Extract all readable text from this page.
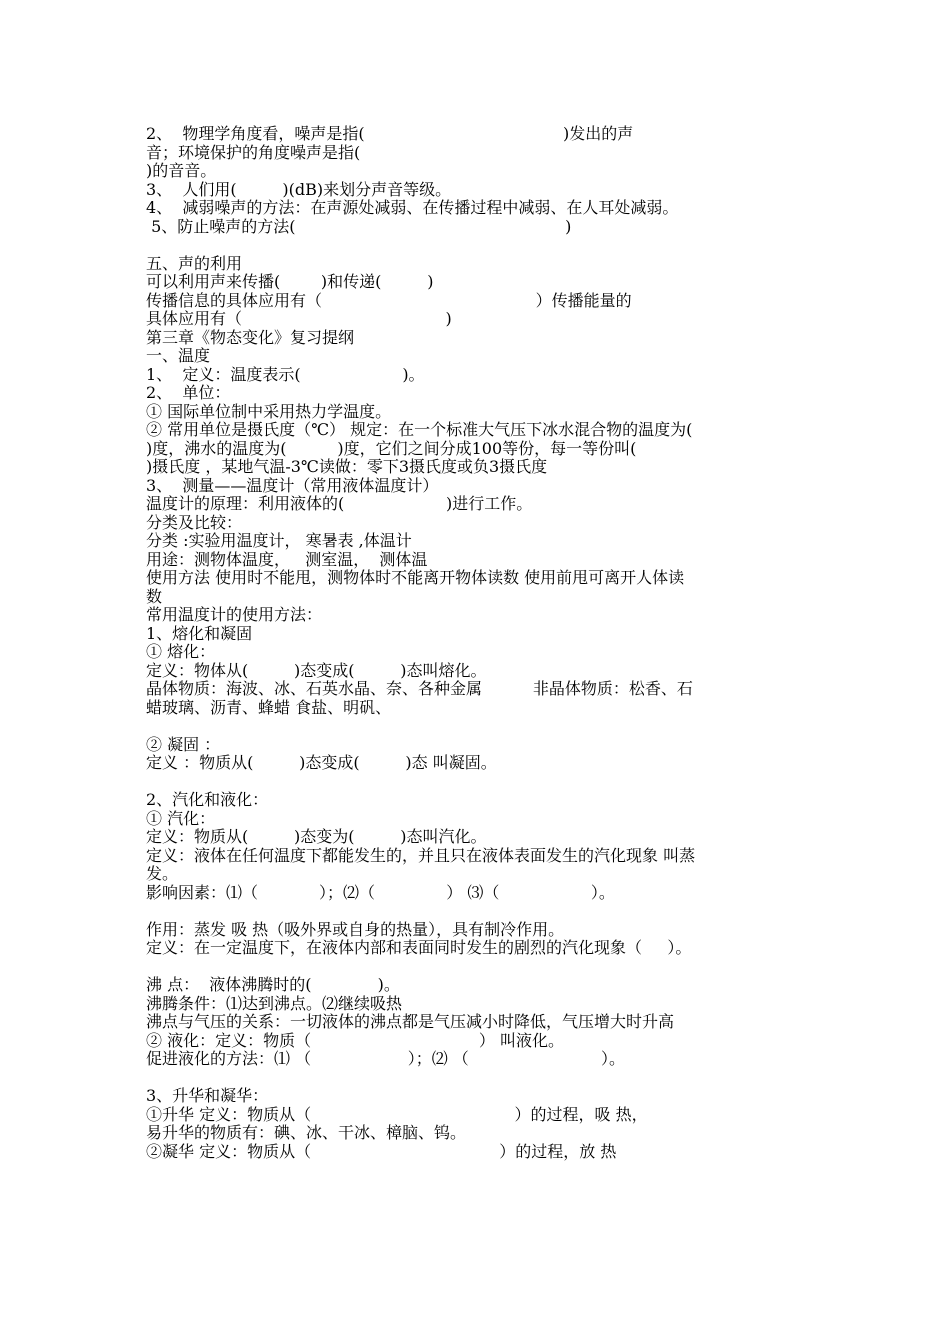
2、  物理学角度看，噪声是指(                                       )发出的声

音；环境保护的角度噪声是指(

)的音音。

3、  人们用(         )(dB)来划分声音等级。

4、  减弱噪声的方法：在声源处减弱、在传播过程中减弱、在人耳处减弱。

5、防止噪声的方法(                                                     )

五、声的利用

可以利用声来传播(        )和传递(         )

传播信息的具体应用有（                                          ）传播能量的

具体应用有（                                        )

第三章《物态变化》复习提纲

一、温度

1、  定义：温度表示(                    )。

2、  单位：

① 国际单位制中采用热力学温度。

② 常用单位是摄氏度（℃） 规定：在一个标准大气压下冰水混合物的温度为(

)度，沸水的温度为(          )度，它们之间分成100等份，每一等份叫(

)摄氏度 ，某地气温-3℃读做：零下3摄氏度或负3摄氏度

3、  测量——温度计（常用液体温度计）

温度计的原理：利用液体的(                    )进行工作。

分类及比较：

分类 :实验用温度计， 寒暑表 ,体温计

用途：测物体温度，   测室温，  测体温

使用方法 使用时不能甩，测物体时不能离开物体读数 使用前甩可离开人体读

数

常用温度计的使用方法：

1、熔化和凝固

① 熔化：

定义：物体从(         )态变成(         )态叫熔化。

晶体物质：海波、冰、石英水晶、奈、各种金属          非晶体物质：松香、石

蜡玻璃、沥青、蜂蜡 食盐、明矾、

② 凝固 ：

定义 ：物质从(         )态变成(         )态 叫凝固。

2、汽化和液化：

① 汽化：

定义：物质从(         )态变为(         )态叫汽化。

定义：液体在任何温度下都能发生的，并且只在液体表面发生的汽化现象 叫蒸

发。

影响因素：⑴（            ）；⑵（              ） ⑶（                  ）。

作用：蒸发 吸 热（吸外界或自身的热量），具有制冷作用。

定义：在一定温度下，在液体内部和表面同时发生的剧烈的汽化现象（     ）。

沸 点：  液体沸腾时的(             )。

沸腾条件：⑴达到沸点。⑵继续吸热

沸点与气压的关系：一切液体的沸点都是气压减小时降低，气压增大时升高

② 液化：定义：物质（                                 ） 叫液化。

促进液化的方法：⑴ （                   ）；⑵ （                          ）。

3、升华和凝华：

①升华 定义：物质从（                                        ）的过程，吸 热，

易升华的物质有：碘、冰、干冰、樟脑、钨。

②凝华 定义：物质从（                                     ）的过程，放 热
